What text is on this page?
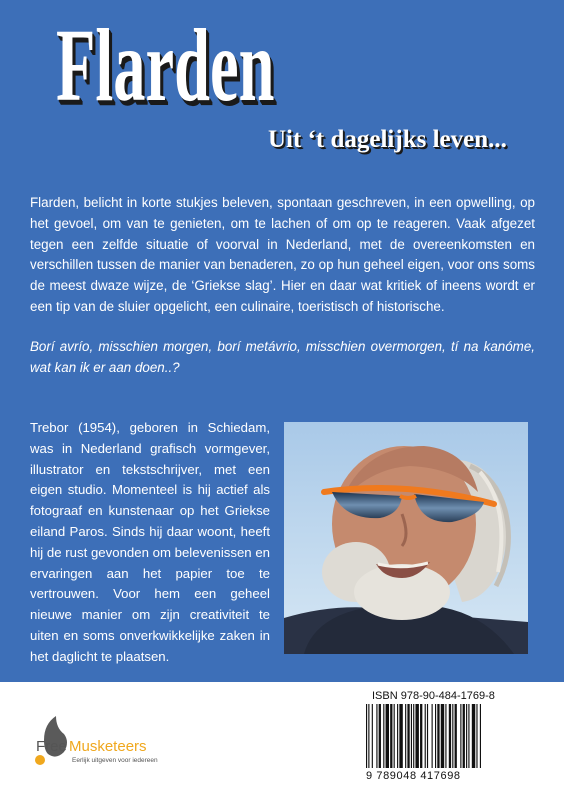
Flarden
Uit ‘t dagelijks leven...

Flarden, belicht in korte stukjes beleven, spontaan geschreven, in een opwelling, op het gevoel, om van te genieten, om te lachen of om op te reageren. Vaak afgezet tegen een zelfde situatie of voorval in Nederland, met de overeenkomsten en verschillen tussen de manier van benaderen, zo op hun geheel eigen, voor ons soms de meest dwaze wijze, de ‘Griekse slag’. Hier en daar wat kritiek of ineens wordt er een tip van de sluier opgelicht, een culinaire, toeristisch of historische.

Borí avrío, misschien morgen, borí metávrio, misschien overmorgen, tí na kanóme, wat kan ik er aan doen..?

Trebor (1954), geboren in Schiedam, was in Nederland grafisch vormgever, illustrator en tekstschrijver, met een eigen studio. Momenteel is hij actief als fotograaf en kunstenaar op het Griekse eiland Paros. Sinds hij daar woont, heeft hij de rust gevonden om belevenissen en ervaringen aan het papier toe te vertrouwen. Voor hem een geheel nieuwe manier om zijn creativiteit te uiten en soms onverkwikkelijke zaken in het daglicht te plaatsen.

Free Musketeers
Eerlijk uitgeven voor iedereen
ISBN 978-90-484-1769-8
9 789048 417698
